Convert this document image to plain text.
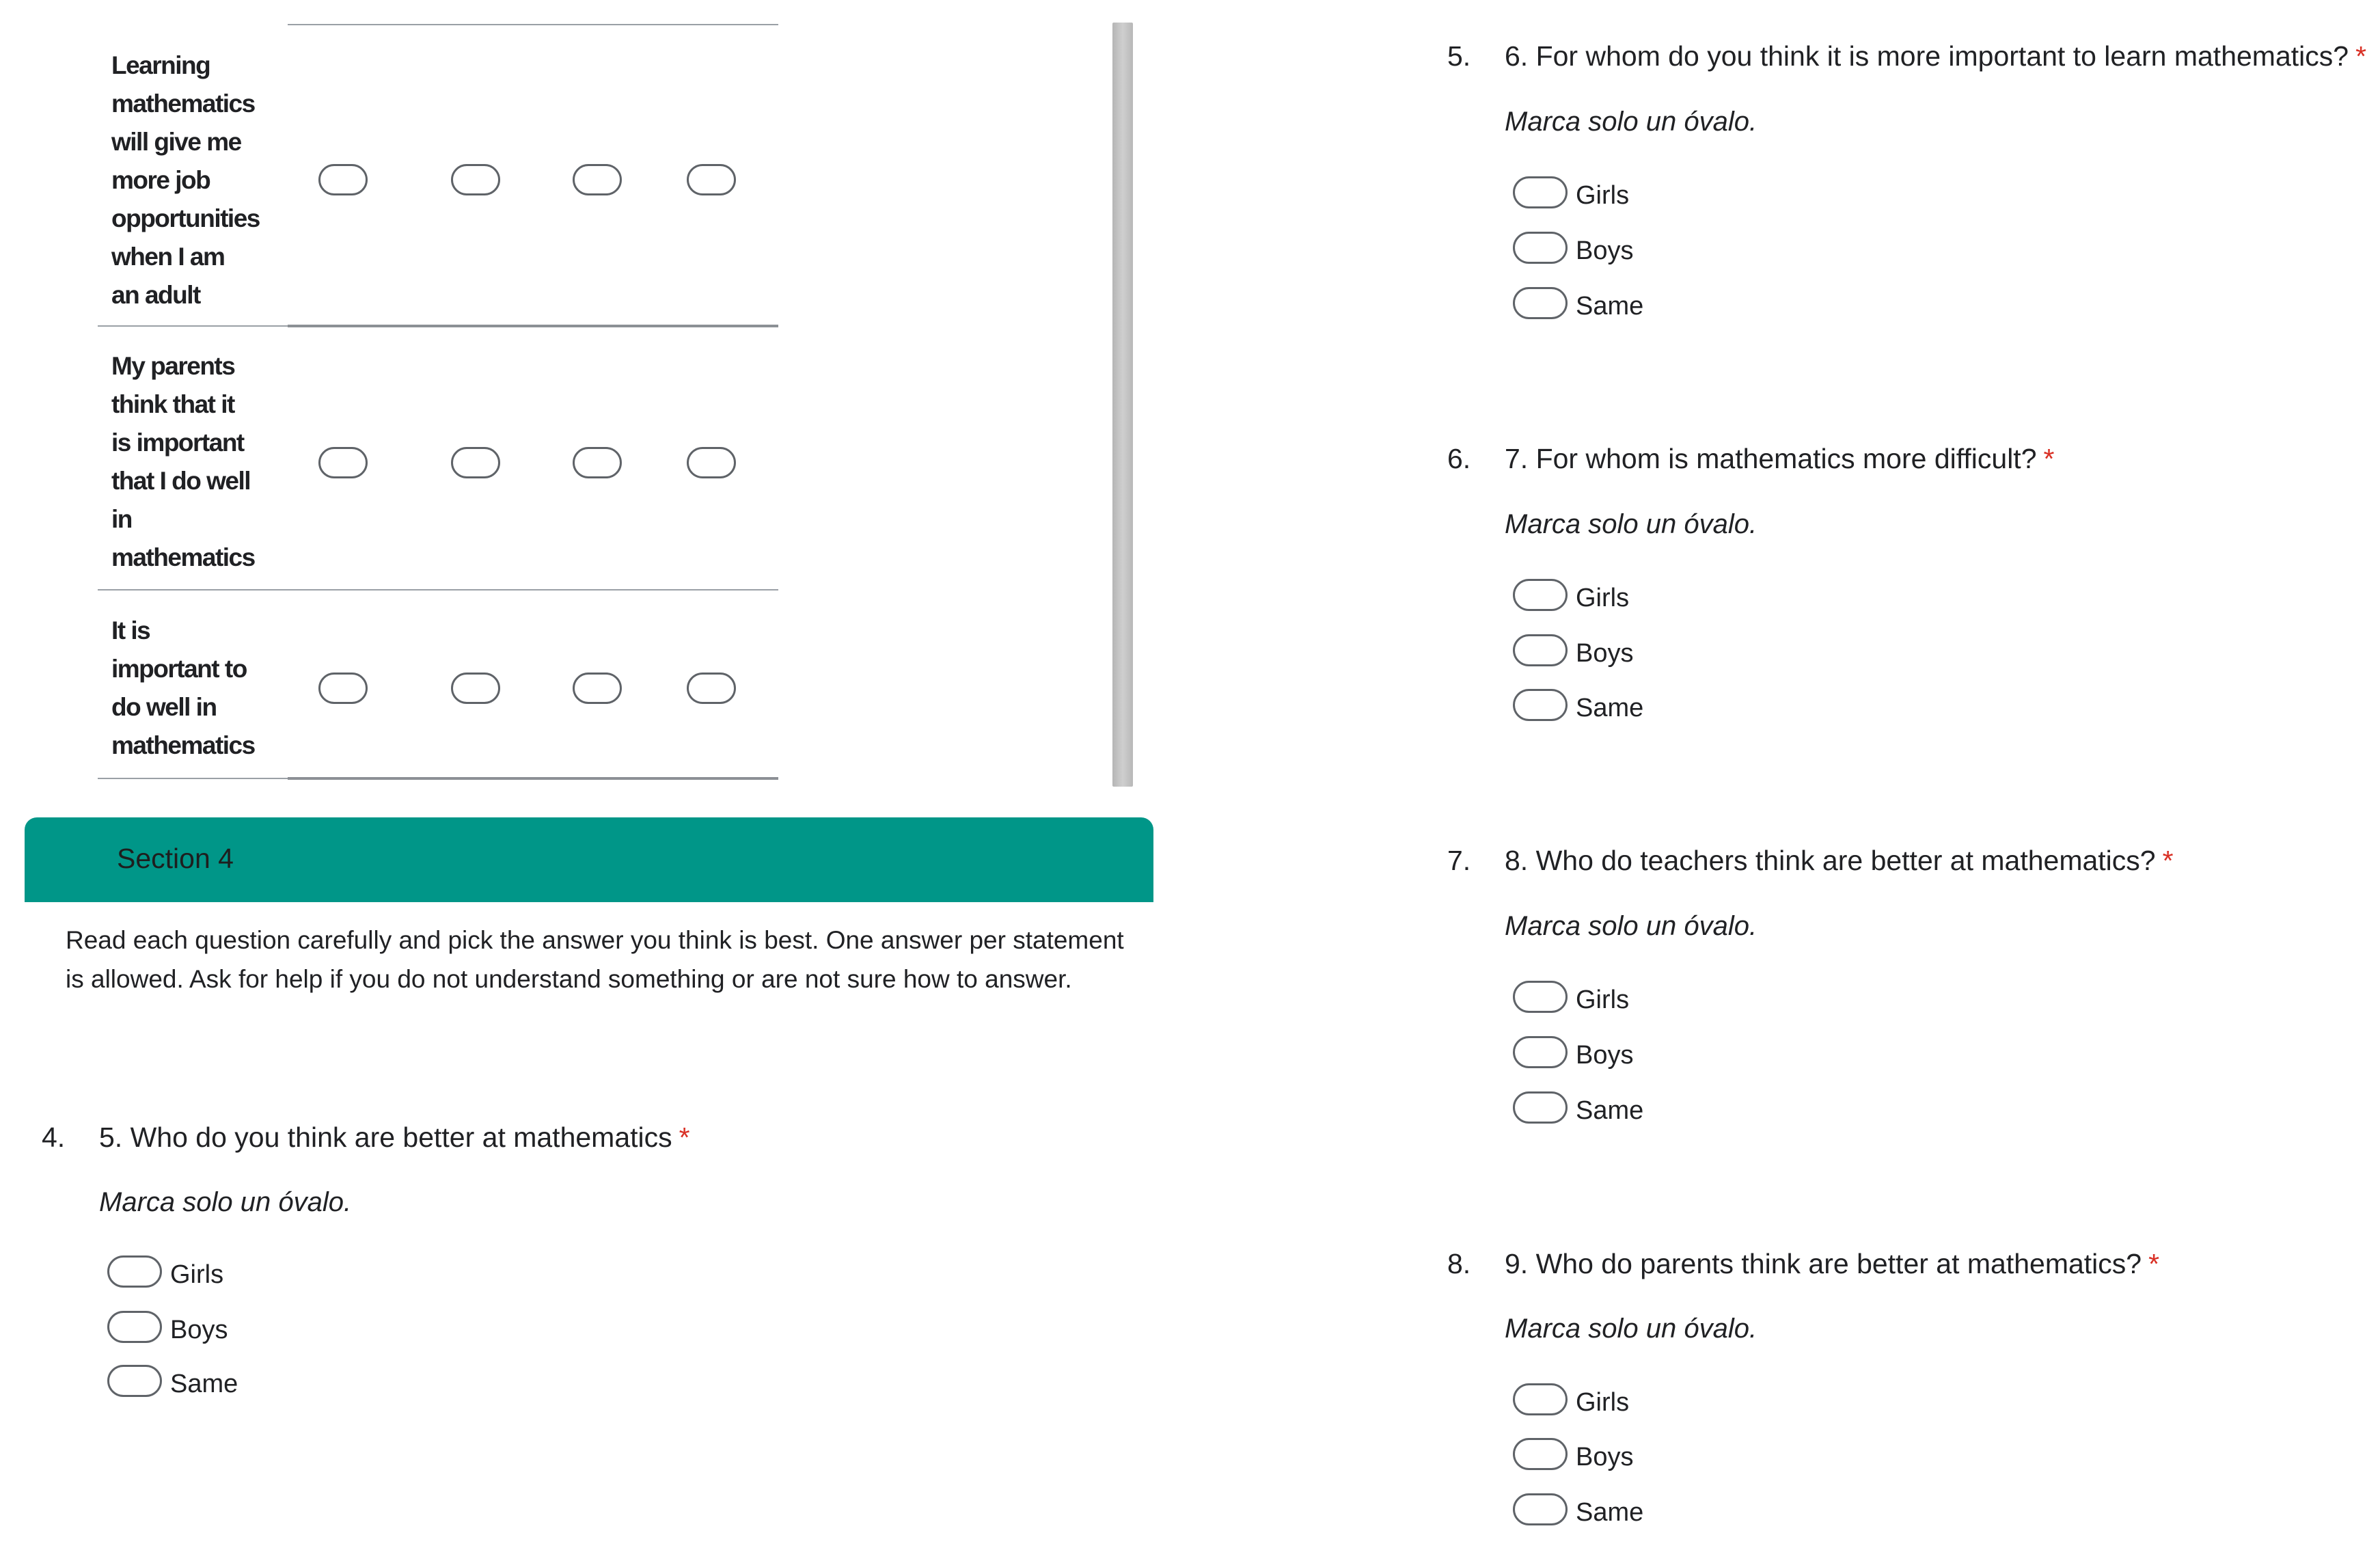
Learning
mathematics
will give me
more job
opportunities
when I am
an adult
My parents
think that it
is important
that I do well
in
mathematics
It is
important to
do well in
mathematics
Section 4
Read each question carefully and pick the answer you think is best. One answer per statement is allowed. Ask for help if you do not understand something or are not sure how to answer.
4. 5. Who do you think are better at mathematics *
Marca solo un óvalo.
Girls
Boys
Same
5. 6. For whom do you think it is more important to learn mathematics? *
Marca solo un óvalo.
Girls
Boys
Same
6. 7. For whom is mathematics more difficult? *
Marca solo un óvalo.
Girls
Boys
Same
7. 8. Who do teachers think are better at mathematics? *
Marca solo un óvalo.
Girls
Boys
Same
8. 9. Who do parents think are better at mathematics? *
Marca solo un óvalo.
Girls
Boys
Same
